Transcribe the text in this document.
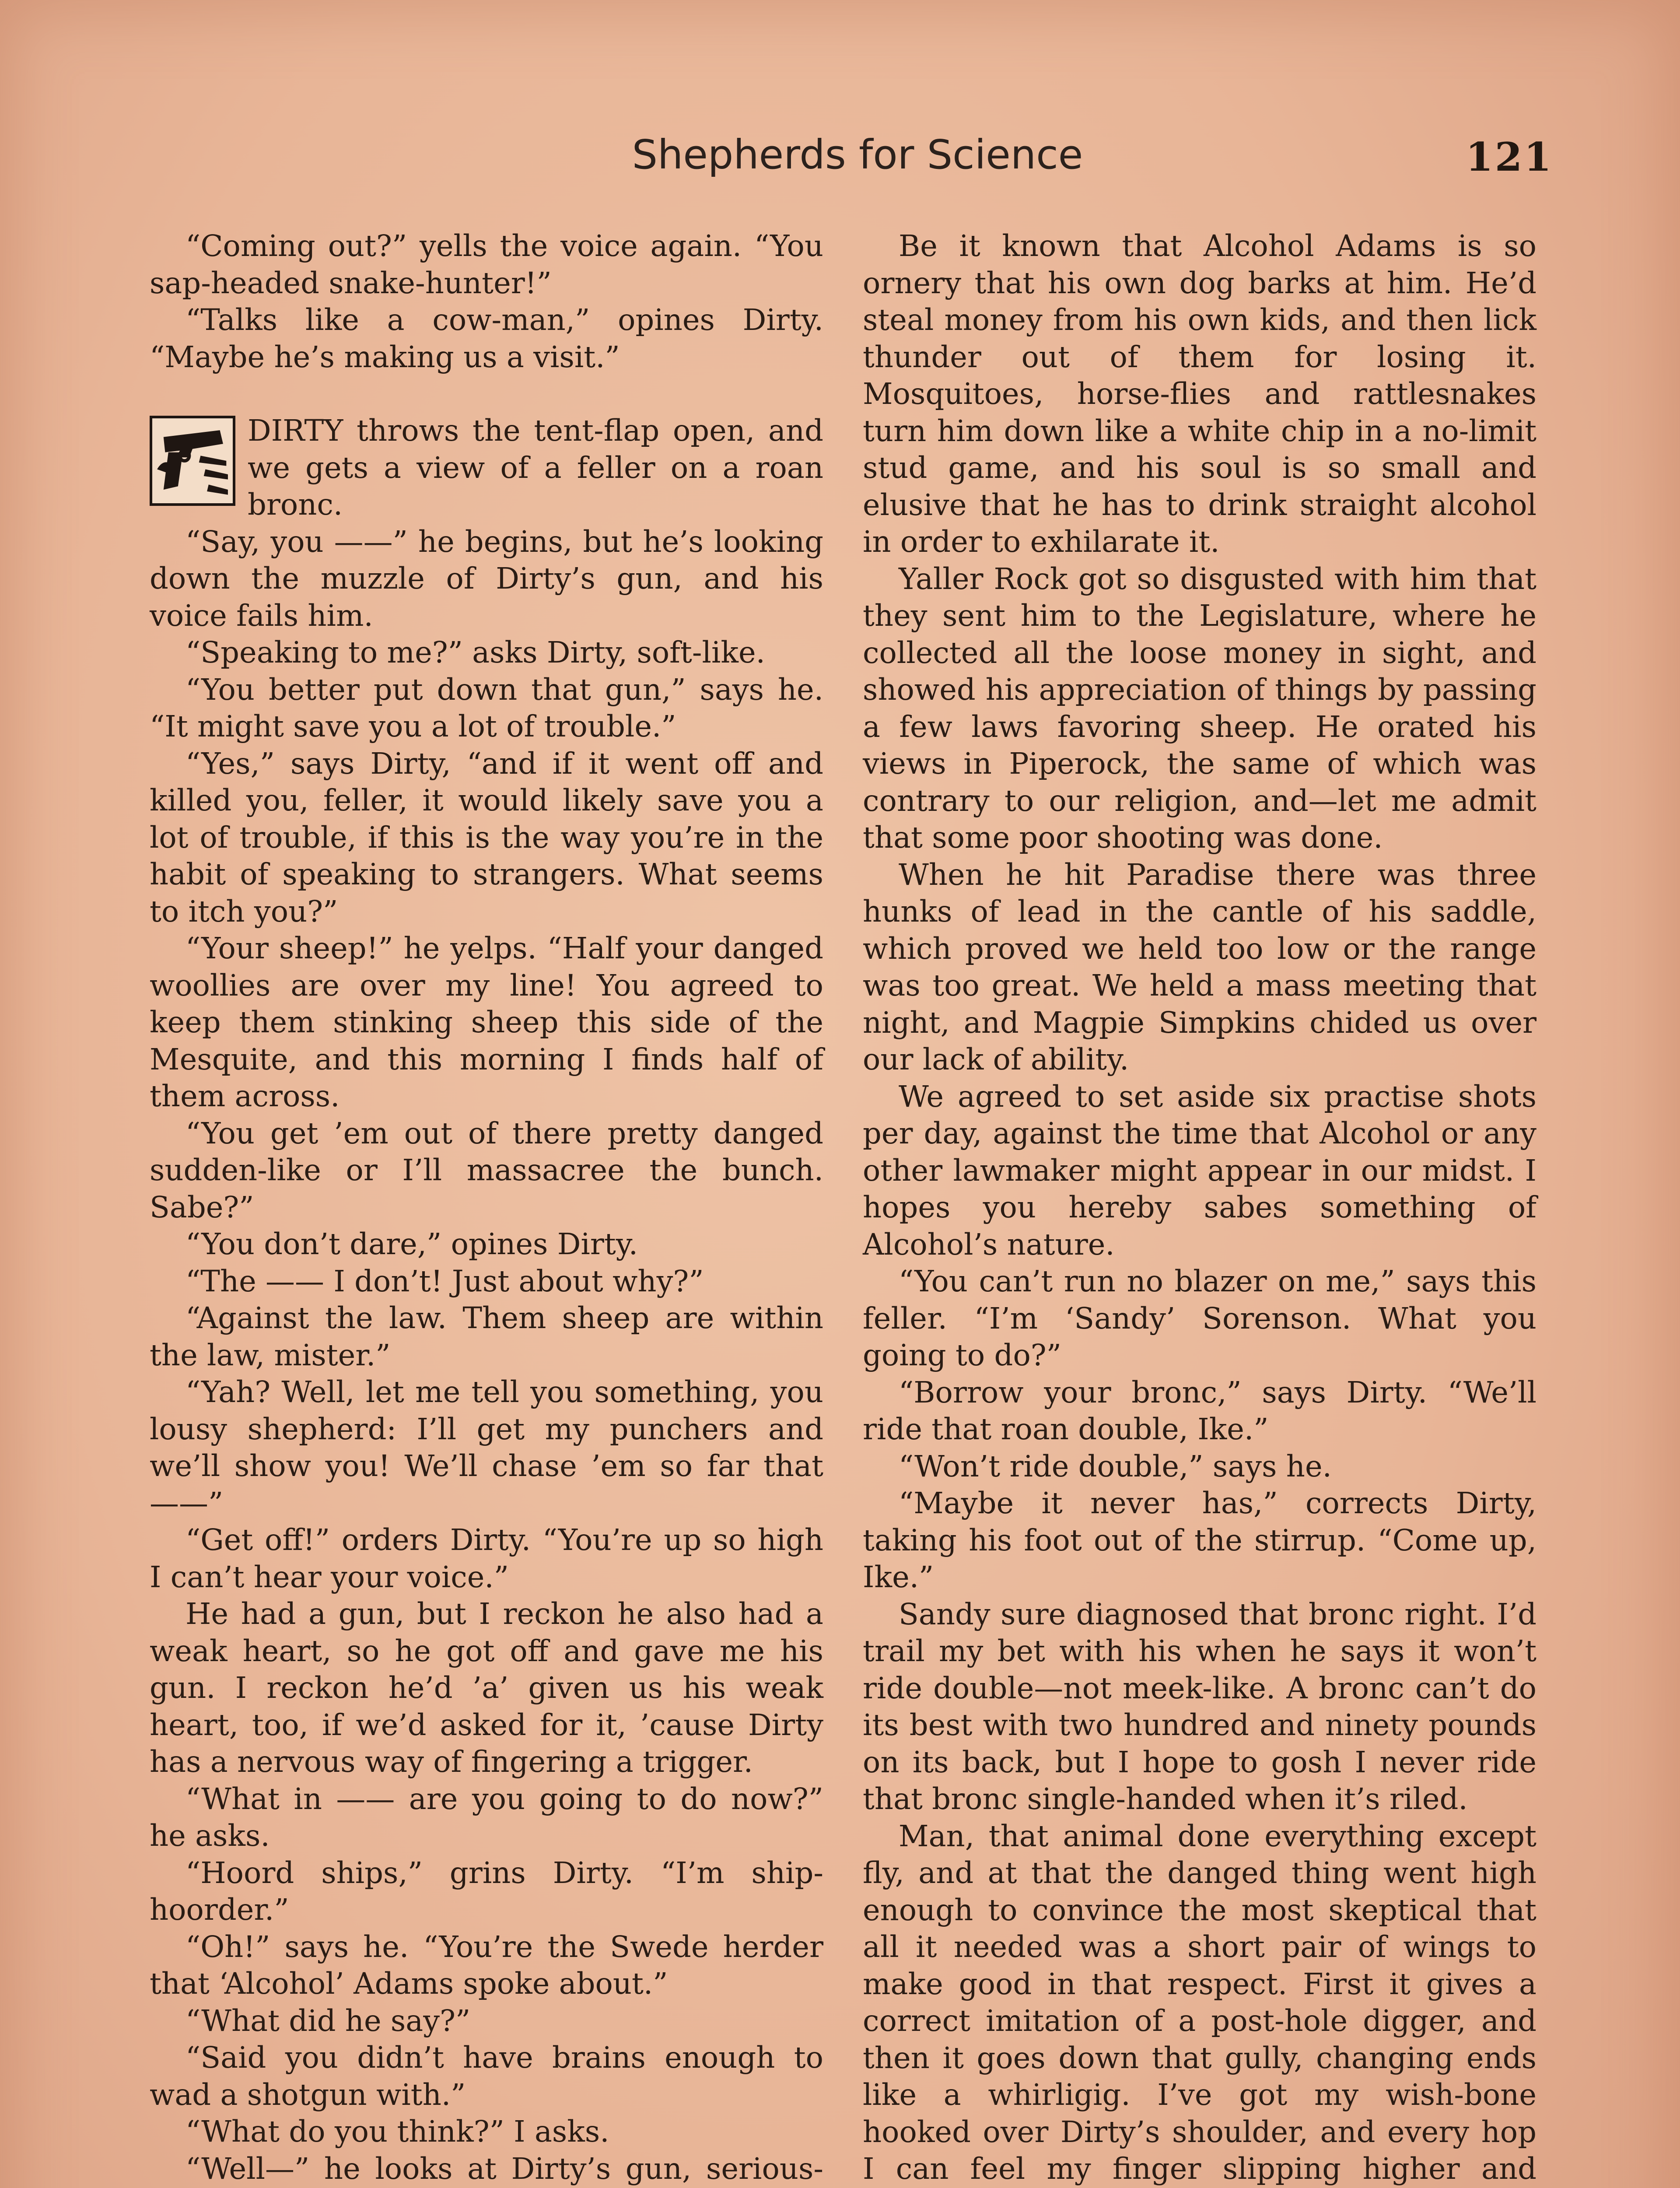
Shepherds for Science	121

“Coming out?” yells the voice again. “You sap-headed snake-hunter!”

“Talks like a cow-man,” opines Dirty. “Maybe he’s making us a visit.”

DIRTY throws the tent-flap open, and we gets a view of a feller on a roan bronc.

“Say, you ——” he begins, but he’s looking down the muzzle of Dirty’s gun, and his voice fails him.

“Speaking to me?” asks Dirty, soft-like.

“You better put down that gun,” says he. “It might save you a lot of trouble.”

“Yes,” says Dirty, “and if it went off and killed you, feller, it would likely save you a lot of trouble, if this is the way you’re in the habit of speaking to strangers. What seems to itch you?”

“Your sheep!” he yelps. “Half your danged woollies are over my line! You agreed to keep them stinking sheep this side of the Mesquite, and this morning I finds half of them across.

“You get ’em out of there pretty danged sudden-like or I’ll massacree the bunch. Sabe?”

“You don’t dare,” opines Dirty.

“The —— I don’t! Just about why?”

“Against the law. Them sheep are within the law, mister.”

“Yah? Well, let me tell you something, you lousy shepherd: I’ll get my punchers and we’ll show you! We’ll chase ’em so far that ——”

“Get off!” orders Dirty. “You’re up so high I can’t hear your voice.”

He had a gun, but I reckon he also had a weak heart, so he got off and gave me his gun. I reckon he’d ’a’ given us his weak heart, too, if we’d asked for it, ’cause Dirty has a nervous way of fingering a trigger.

“What in —— are you going to do now?” he asks.

“Hoord ships,” grins Dirty. “I’m ship-hoorder.”

“Oh!” says he. “You’re the Swede herder that ‘Alcohol’ Adams spoke about.”

“What did he say?”

“Said you didn’t have brains enough to wad a shotgun with.”

“What do you think?” I asks.

“Well—” he looks at Dirty’s gun, serious-

Be it known that Alcohol Adams is so ornery that his own dog barks at him. He’d steal money from his own kids, and then lick thunder out of them for losing it. Mosquitoes, horse-flies and rattlesnakes turn him down like a white chip in a no-limit stud game, and his soul is so small and elusive that he has to drink straight alcohol in order to exhilarate it.

Yaller Rock got so disgusted with him that they sent him to the Legislature, where he collected all the loose money in sight, and showed his appreciation of things by passing a few laws favoring sheep. He orated his views in Piperock, the same of which was contrary to our religion, and—let me admit that some poor shooting was done.

When he hit Paradise there was three hunks of lead in the cantle of his saddle, which proved we held too low or the range was too great. We held a mass meeting that night, and Magpie Simpkins chided us over our lack of ability.

We agreed to set aside six practise shots per day, against the time that Alcohol or any other lawmaker might appear in our midst. I hopes you hereby sabes something of Alcohol’s nature.

“You can’t run no blazer on me,” says this feller. “I’m ‘Sandy’ Sorenson. What you going to do?”

“Borrow your bronc,” says Dirty. “We’ll ride that roan double, Ike.”

“Won’t ride double,” says he.

“Maybe it never has,” corrects Dirty, taking his foot out of the stirrup. “Come up, Ike.”

Sandy sure diagnosed that bronc right. I’d trail my bet with his when he says it won’t ride double—not meek-like. A bronc can’t do its best with two hundred and ninety pounds on its back, but I hope to gosh I never ride that bronc single-handed when it’s riled.

Man, that animal done everything except fly, and at that the danged thing went high enough to convince the most skeptical that all it needed was a short pair of wings to make good in that respect. First it gives a correct imitation of a post-hole digger, and then it goes down that gully, changing ends like a whirligig. I’ve got my wish-bone hooked over Dirty’s shoulder, and every hop I can feel my finger slipping higher and
